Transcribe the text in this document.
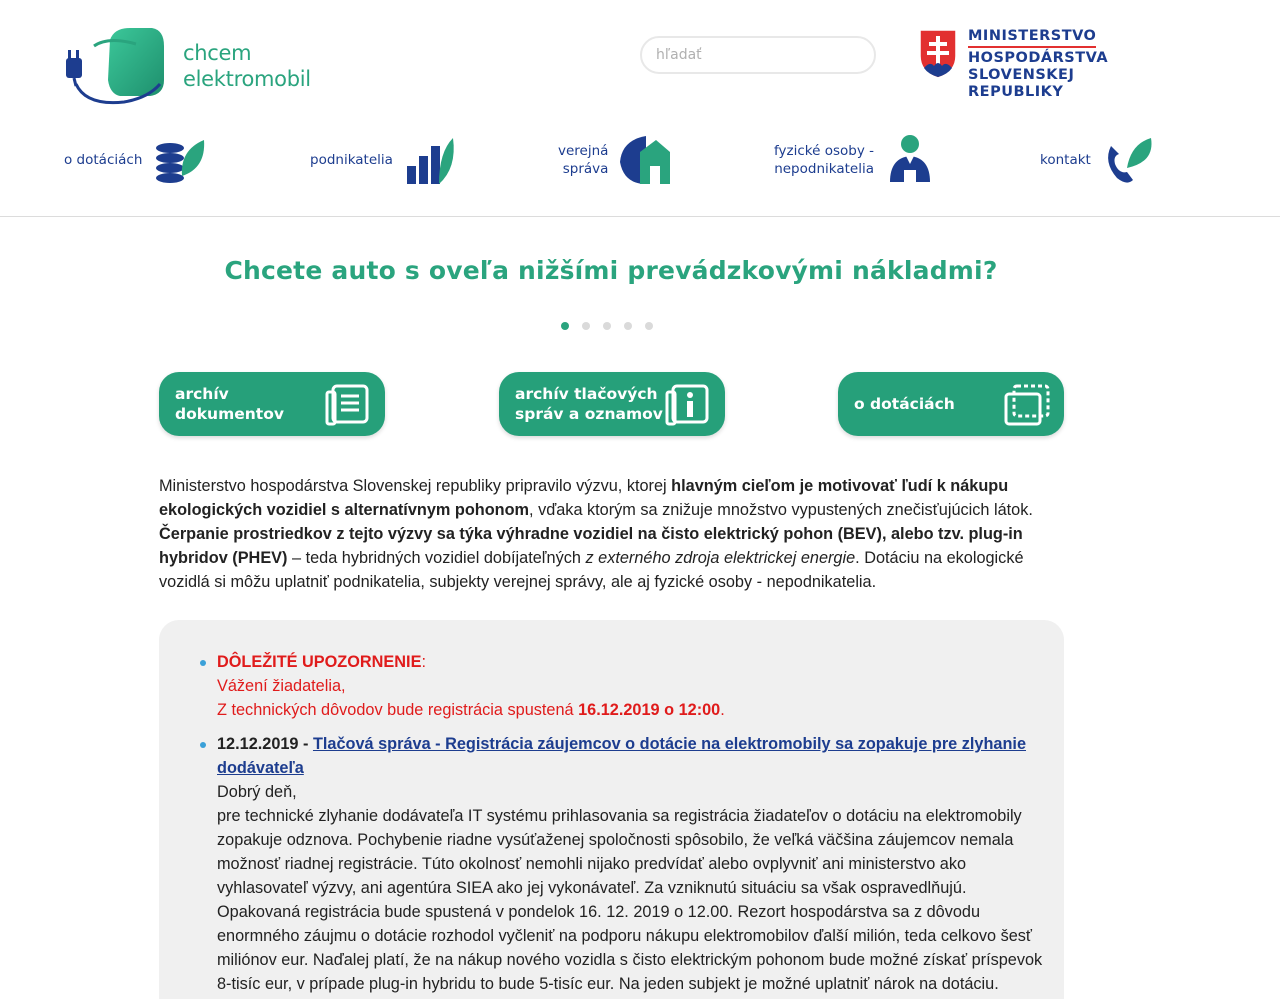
chcem
elektromobil
hľadať
MINISTERSTVO
HOSPODÁRSTVA
SLOVENSKEJ REPUBLIKY
o dotáciách	podnikatelia
verejná
správa
fyzické osoby -
nepodnikatelia
kontakt
Chcete auto s oveľa nižšími prevádzkovými nákladmi?
archív
dokumentov
archív tlačových
správ a oznamov
o dotáciách

Ministerstvo hospodárstva Slovenskej republiky pripravilo výzvu, ktorej hlavným cieľom je motivovať ľudí k nákupu ekologických vozidiel s alternatívnym pohonom, vďaka ktorým sa znižuje množstvo vypustených znečisťujúcich látok. Čerpanie prostriedkov z tejto výzvy sa týka výhradne vozidiel na čisto elektrický pohon (BEV), alebo tzv. plug-in hybridov (PHEV) – teda hybridných vozidiel dobíjateľných z externého zdroja elektrickej energie. Dotáciu na ekologické vozidlá si môžu uplatniť podnikatelia, subjekty verejnej správy, ale aj fyzické osoby - nepodnikatelia.

DÔLEŽITÉ UPOZORNENIE:
Vážení žiadatelia,
Z technických dôvodov bude registrácia spustená 16.12.2019 o 12:00.
12.12.2019 - Tlačová správa - Registrácia záujemcov o dotácie na elektromobily sa zopakuje pre zlyhanie dodávateľa
Dobrý deň,
pre technické zlyhanie dodávateľa IT systému prihlasovania sa registrácia žiadateľov o dotáciu na elektromobily zopakuje odznova. Pochybenie riadne vysúťaženej spoločnosti spôsobilo, že veľká väčšina záujemcov nemala možnosť riadnej registrácie. Túto okolnosť nemohli nijako predvídať alebo ovplyvniť ani ministerstvo ako vyhlasovateľ výzvy, ani agentúra SIEA ako jej vykonávateľ. Za vzniknutú situáciu sa však ospravedlňujú. Opakovaná registrácia bude spustená v pondelok 16. 12. 2019 o 12.00. Rezort hospodárstva sa z dôvodu enormného záujmu o dotácie rozhodol vyčleniť na podporu nákupu elektromobilov ďalší milión, teda celkovo šesť miliónov eur. Naďalej platí, že na nákup nového vozidla s čisto elektrickým pohonom bude možné získať príspevok 8-tisíc eur, v prípade plug-in hybridu to bude 5-tisíc eur. Na jeden subjekt je možné uplatniť nárok na dotáciu.
